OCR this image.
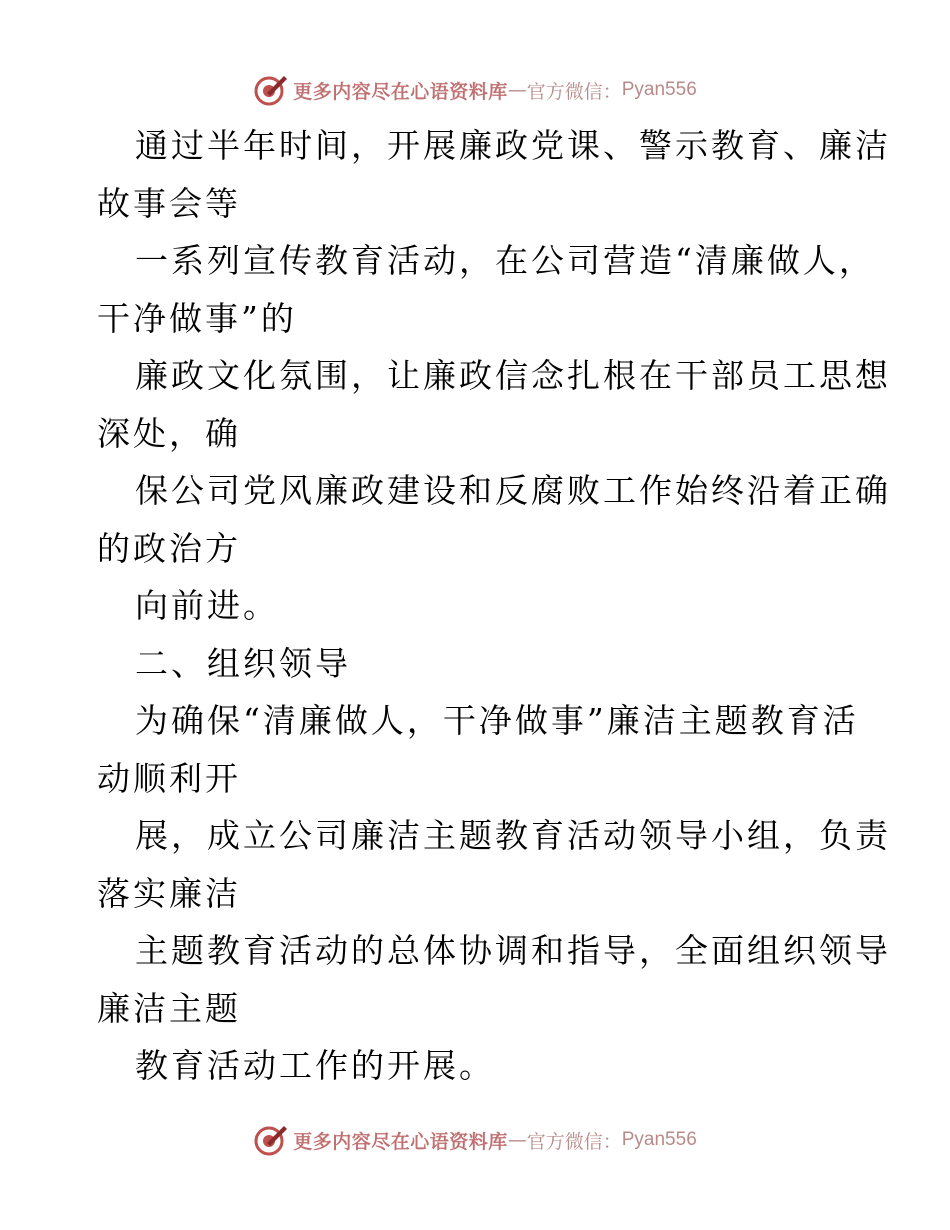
更多内容尽在心语资料库 — 官方微信： Pyan556

通过半年时间，开展廉政党课、警示教育、廉洁

故事会等

一系列宣传教育活动，在公司营造“清廉做人，

干净做事”的

廉政文化氛围，让廉政信念扎根在干部员工思想

深处，确

保公司党风廉政建设和反腐败工作始终沿着正确

的政治方

向前进。

二、组织领导

为确保“清廉做人，干净做事”廉洁主题教育活

动顺利开

展，成立公司廉洁主题教育活动领导小组，负责

落实廉洁

主题教育活动的总体协调和指导，全面组织领导

廉洁主题

教育活动工作的开展。

更多内容尽在心语资料库 — 官方微信： Pyan556
